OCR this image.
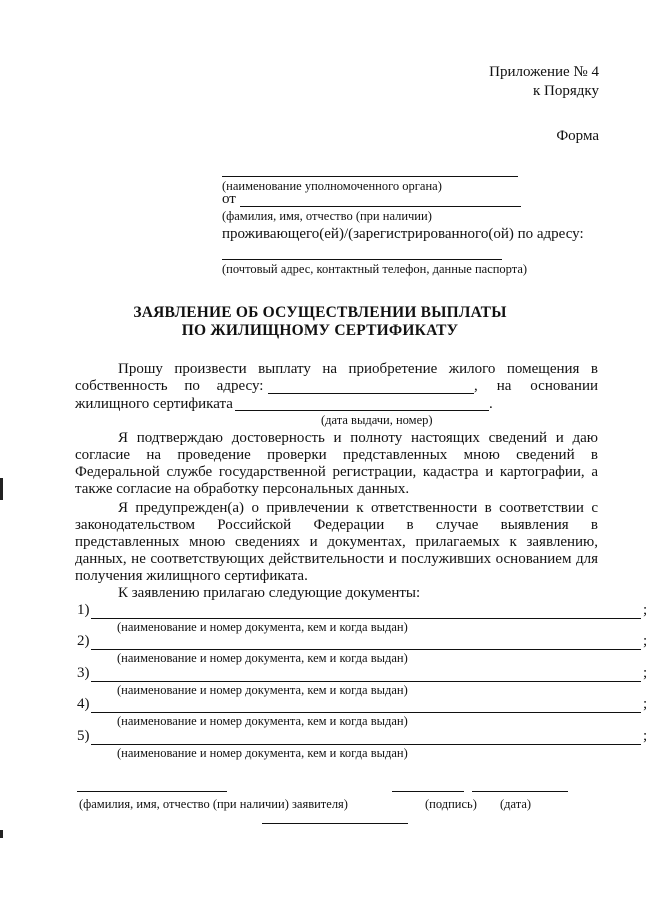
Приложение № 4
к Порядку
Форма
(наименование уполномоченного органа)
от
(фамилия, имя, отчество (при наличии)
проживающего(ей)/(зарегистрированного(ой) по адресу:
(почтовый адрес, контактный телефон, данные паспорта)
ЗАЯВЛЕНИЕ ОБ ОСУЩЕСТВЛЕНИИ ВЫПЛАТЫ
ПО ЖИЛИЩНОМУ СЕРТИФИКАТУ
Прошу произвести выплату на приобретение жилого помещения в
собственность по адресу:	, на основании
жилищного сертификата	.
(дата выдачи, номер)
Я подтверждаю достоверность и полноту настоящих сведений и даю
согласие на проведение проверки представленных мною сведений в
Федеральной службе государственной регистрации, кадастра и картографии, а
также согласие на обработку персональных данных.
Я предупрежден(а) о привлечении к ответственности в соответствии с
законодательством Российской Федерации в случае выявления в
представленных мною сведениях и документах, прилагаемых к заявлению,
данных, не соответствующих действительности и послуживших основанием для
получения жилищного сертификата.
К заявлению прилагаю следующие документы:
1)	;
(наименование и номер документа, кем и когда выдан)
2)	;
(наименование и номер документа, кем и когда выдан)
3)	;
(наименование и номер документа, кем и когда выдан)
4)	;
(наименование и номер документа, кем и когда выдан)
5)	;
(наименование и номер документа, кем и когда выдан)
(фамилия, имя, отчество (при наличии) заявителя)	(подпись) (дата)
